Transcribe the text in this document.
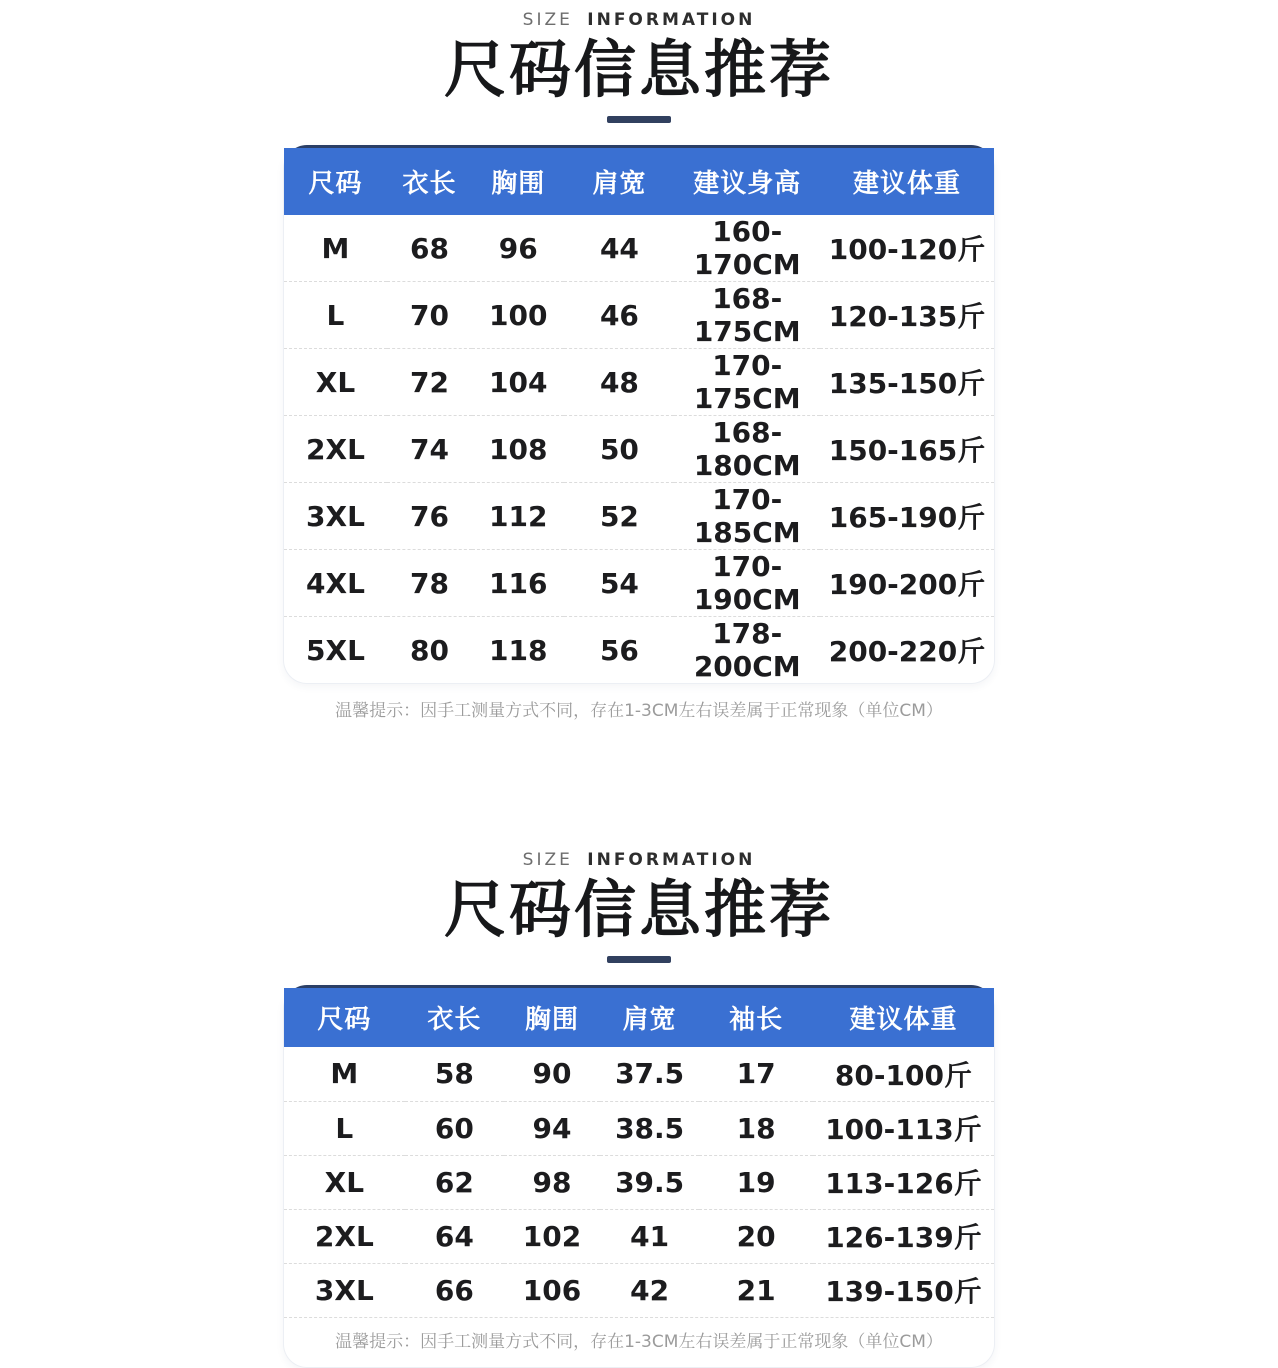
SIZE INFORMATION
尺码信息推荐
尺码	衣长	胸围	肩宽	建议身高	建议体重
M	68	96	44	160-170CM	100-120斤
L	70	100	46	168-175CM	120-135斤
XL	72	104	48	170-175CM	135-150斤
2XL	74	108	50	168-180CM	150-165斤
3XL	76	112	52	170-185CM	165-190斤
4XL	78	116	54	170-190CM	190-200斤
5XL	80	118	56	178-200CM	200-220斤
温馨提示：因手工测量方式不同，存在1-3CM左右误差属于正常现象（单位CM）
SIZE INFORMATION
尺码信息推荐
尺码	衣长	胸围	肩宽	袖长	建议体重
M	58	90	37.5	17	80-100斤
L	60	94	38.5	18	100-113斤
XL	62	98	39.5	19	113-126斤
2XL	64	102	41	20	126-139斤
3XL	66	106	42	21	139-150斤
温馨提示：因手工测量方式不同，存在1-3CM左右误差属于正常现象（单位CM）
